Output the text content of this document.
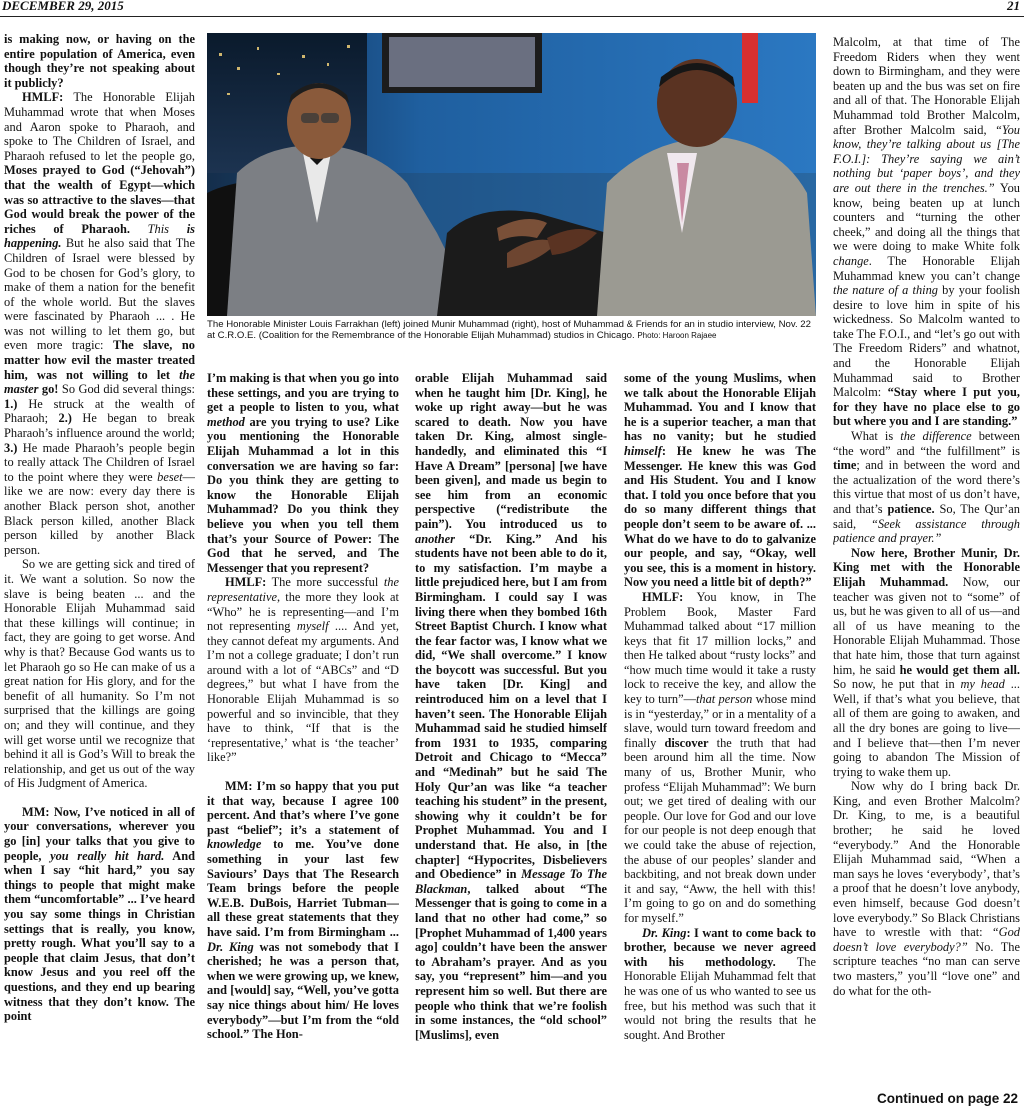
DECEMBER 29, 2015	21

is making now, or having on the entire population of America, even though they’re not speaking about it publicly?

HMLF: The Honorable Elijah Muhammad wrote that when Moses and Aaron spoke to Pharaoh, and spoke to The Children of Israel, and Pharaoh refused to let the people go, Moses prayed to God (“Jehovah”) that the wealth of Egypt—which was so attractive to the slaves—that God would break the power of the riches of Pharaoh. This is happening. But he also said that The Children of Israel were blessed by God to be chosen for God’s glory, to make of them a nation for the benefit of the whole world. But the slaves were fascinated by Pharaoh ... . He was not willing to let them go, but even more tragic: The slave, no matter how evil the master treated him, was not willing to let the master go! So God did several things: 1.) He struck at the wealth of Pharaoh; 2.) He began to break Pharaoh’s influence around the world; 3.) He made Pharaoh’s people begin to really attack The Children of Israel to the point where they were beset—like we are now: every day there is another Black person shot, another Black person killed, another Black person killed by another Black person.

So we are getting sick and tired of it. We want a solution. So now the slave is being beaten ... and the Honorable Elijah Muhammad said that these killings will continue; in fact, they are going to get worse. And why is that? Because God wants us to let Pharaoh go so He can make of us a great nation for His glory, and for the benefit of all humanity. So I’m not surprised that the killings are going on; and they will continue, and they will get worse until we recognize that behind it all is God’s Will to break the relationship, and get us out of the way of His Judgment of America.

MM: Now, I’ve noticed in all of your conversations, wherever you go [in] your talks that you give to people, you really hit hard. And when I say “hit hard,” you say things to people that might make them “uncomfortable” ... I’ve heard you say some things in Christian settings that is really, you know, pretty rough. What you’ll say to a people that claim Jesus, that don’t know Jesus and you reel off the questions, and they end up bearing witness that they don’t know. The point

The Honorable Minister Louis Farrakhan (left) joined Munir Muhammad (right), host of Muhammad & Friends for an in studio interview, Nov. 22 at C.R.O.E. (Coalition for the Remembrance of the Honorable Elijah Muhammad) studios in Chicago. Photo: Haroon Rajaee

I’m making is that when you go into these settings, and you are trying to get a people to listen to you, what method are you trying to use? Like you mentioning the Honorable Elijah Muhammad a lot in this conversation we are having so far: Do you think they are getting to know the Honorable Elijah Muhammad? Do you think they believe you when you tell them that’s your Source of Power: The God that he served, and The Messenger that you represent?

HMLF: The more successful the representative, the more they look at “Who” he is representing—and I’m not representing myself .... And yet, they cannot defeat my arguments. And I’m not a college graduate; I don’t run around with a lot of “ABCs” and “D degrees,” but what I have from the Honorable Elijah Muhammad is so powerful and so invincible, that they have to think, “If that is the ‘representative,’ what is ‘the teacher’ like?”

MM: I’m so happy that you put it that way, because I agree 100 percent. And that’s where I’ve gone past “belief”; it’s a statement of knowledge to me. You’ve done something in your last few Saviours’ Days that The Research Team brings before the people W.E.B. DuBois, Harriet Tubman—all these great statements that they have said. I’m from Birmingham ... Dr. King was not somebody that I cherished; he was a person that, when we were growing up, we knew, and [would] say, “Well, you’ve gotta say nice things about him/ He loves everybody”—but I’m from the “old school.” The Hon-

orable Elijah Muhammad said when he taught him [Dr. King], he woke up right away—but he was scared to death. Now you have taken Dr. King, almost single-handedly, and eliminated this “I Have A Dream” [persona] [we have been given], and made us begin to see him from an economic perspective (“redistribute the pain”). You introduced us to another “Dr. King.” And his students have not been able to do it, to my satisfaction. I’m maybe a little prejudiced here, but I am from Birmingham. I could say I was living there when they bombed 16th Street Baptist Church. I know what the fear factor was, I know what we did, “We shall overcome.” I know the boycott was successful. But you have taken [Dr. King] and reintroduced him on a level that I haven’t seen. The Honorable Elijah Muhammad said he studied himself from 1931 to 1935, comparing Detroit and Chicago to “Mecca” and “Medinah” but he said The Holy Qur’an was like “a teacher teaching his student” in the present, showing why it couldn’t be for Prophet Muhammad. You and I understand that. He also, in [the chapter] “Hypocrites, Disbelievers and Obedience” in Message To The Blackman, talked about “The Messenger that is going to come in a land that no other had come,” so [Prophet Muhammad of 1,400 years ago] couldn’t have been the answer to Abraham’s prayer. And as you say, you “represent” him—and you represent him so well. But there are people who think that we’re foolish in some instances, the “old school” [Muslims], even

some of the young Muslims, when we talk about the Honorable Elijah Muhammad. You and I know that he is a superior teacher, a man that has no vanity; but he studied himself: He knew he was The Messenger. He knew this was God and His Student. You and I know that. I told you once before that you do so many different things that people don’t seem to be aware of. ... What do we have to do to galvanize our people, and say, “Okay, well you see, this is a moment in history. Now you need a little bit of depth?”

HMLF: You know, in The Problem Book, Master Fard Muhammad talked about “17 million keys that fit 17 million locks,” and then He talked about “rusty locks” and “how much time would it take a rusty lock to receive the key, and allow the key to turn”—that person whose mind is in “yesterday,” or in a mentality of a slave, would turn toward freedom and finally discover the truth that had been around him all the time. Now many of us, Brother Munir, who profess “Elijah Muhammad”: We burn out; we get tired of dealing with our people. Our love for God and our love for our people is not deep enough that we could take the abuse of rejection, the abuse of our peoples’ slander and backbiting, and not break down under it and say, “Aww, the hell with this! I’m going to go on and do something for myself.”

Dr. King: I want to come back to brother, because we never agreed with his methodology. The Honorable Elijah Muhammad felt that he was one of us who wanted to see us free, but his method was such that it would not bring the results that he sought. And Brother

Malcolm, at that time of The Freedom Riders when they went down to Birmingham, and they were beaten up and the bus was set on fire and all of that. The Honorable Elijah Muhammad told Brother Malcolm, after Brother Malcolm said, “You know, they’re talking about us [The F.O.I.]: They’re saying we ain’t nothing but ‘paper boys’, and they are out there in the trenches.” You know, being beaten up at lunch counters and “turning the other cheek,” and doing all the things that we were doing to make White folk change. The Honorable Elijah Muhammad knew you can’t change the nature of a thing by your foolish desire to love him in spite of his wickedness. So Malcolm wanted to take The F.O.I., and “let’s go out with The Freedom Riders” and whatnot, and the Honorable Elijah Muhammad said to Brother Malcolm: “Stay where I put you, for they have no place else to go but where you and I are standing.”

What is the difference between “the word” and “the fulfillment” is time; and in between the word and the actualization of the word there’s this virtue that most of us don’t have, and that’s patience. So, The Qur’an said, “Seek assistance through patience and prayer.”

Now here, Brother Munir, Dr. King met with the Honorable Elijah Muhammad. Now, our teacher was given not to “some” of us, but he was given to all of us—and all of us have meaning to the Honorable Elijah Muhammad. Those that hate him, those that turn against him, he said he would get them all. So now, he put that in my head ... Well, if that’s what you believe, that all of them are going to awaken, and all the dry bones are going to live—and I believe that—then I’m never going to abandon The Mission of trying to wake them up.

Now why do I bring back Dr. King, and even Brother Malcolm? Dr. King, to me, is a beautiful brother; he said he loved “everybody.” And the Honorable Elijah Muhammad said, “When a man says he loves ‘everybody’, that’s a proof that he doesn’t love anybody, even himself, because God doesn’t love everybody.” So Black Christians have to wrestle with that: “God doesn’t love everybody?” No. The scripture teaches “no man can serve two masters,” you’ll “love one” and do what for the oth-

Continued on page 22
